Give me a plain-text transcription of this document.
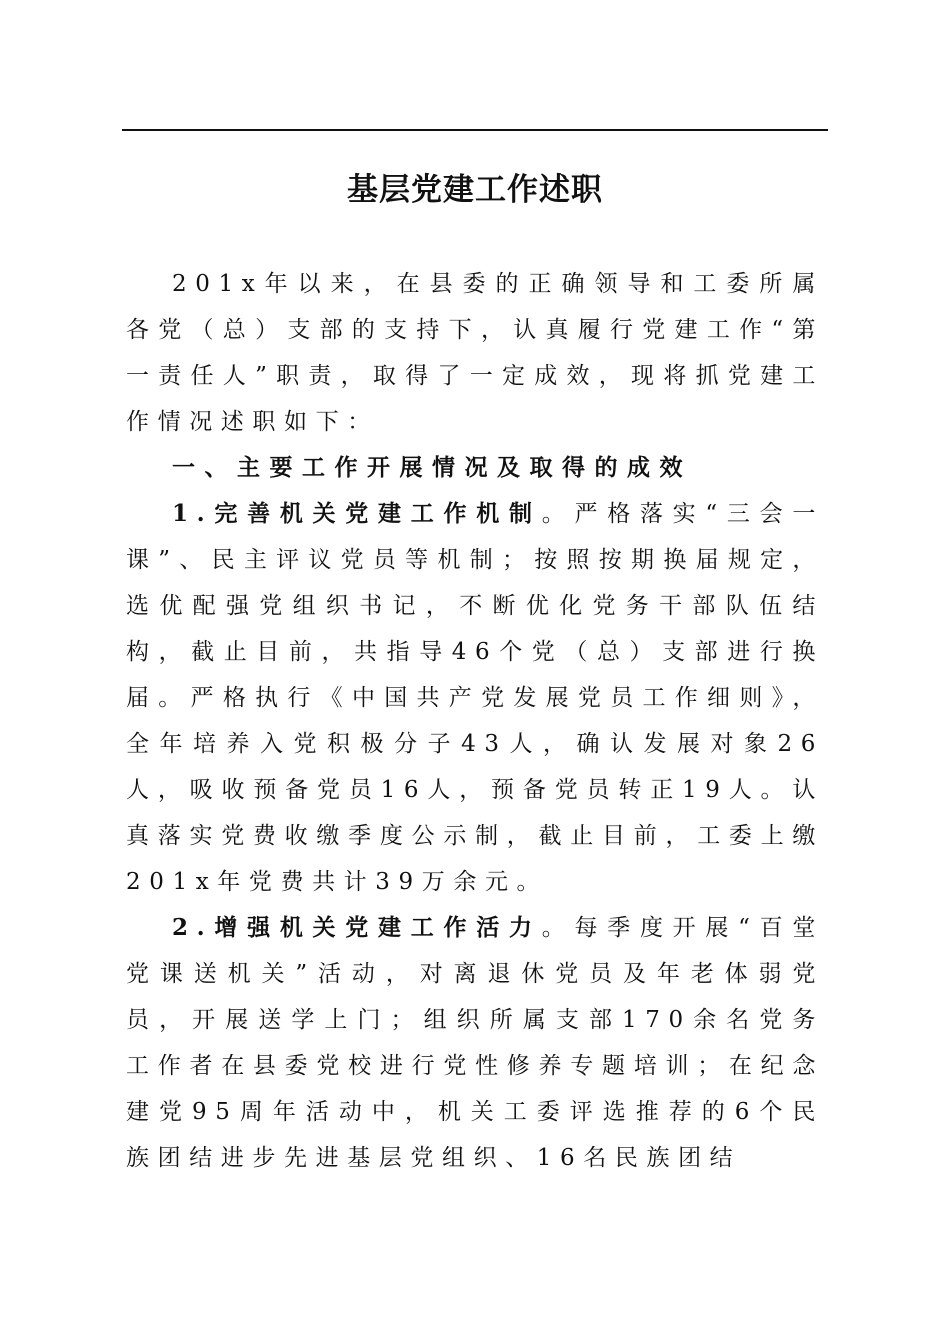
基层党建工作述职

201x年以来，在县委的正确领导和工委所属各党（总）支部的支持下，认真履行党建工作“第一责任人”职责，取得了一定成效，现将抓党建工作情况述职如下：

一、主要工作开展情况及取得的成效

1.完善机关党建工作机制。严格落实“三会一课”、民主评议党员等机制；按照按期换届规定，选优配强党组织书记，不断优化党务干部队伍结构，截止目前，共指导46个党（总）支部进行换届。严格执行《中国共产党发展党员工作细则》，全年培养入党积极分子43人，确认发展对象26人，吸收预备党员16人，预备党员转正19人。认真落实党费收缴季度公示制，截止目前，工委上缴201x年党费共计39万余元。

2.增强机关党建工作活力。每季度开展“百堂党课送机关”活动，对离退休党员及年老体弱党员，开展送学上门；组织所属支部170余名党务工作者在县委党校进行党性修养专题培训；在纪念建党95周年活动中，机关工委评选推荐的6个民族团结进步先进基层党组织、16名民族团结
